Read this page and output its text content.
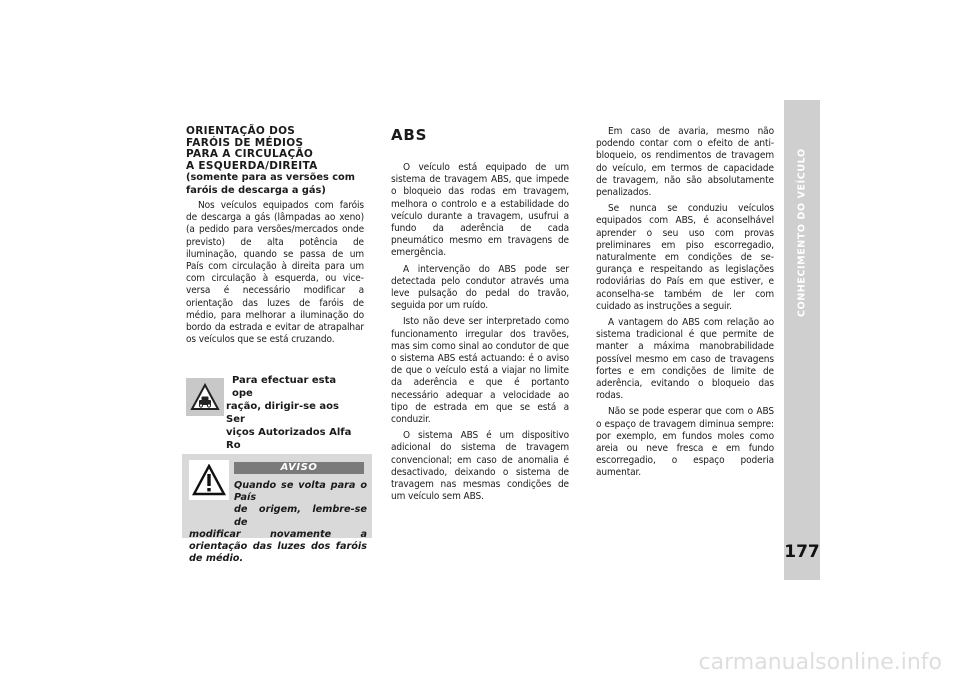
CONHECIMENTO DO VEÍCULO
177
ORIENTAÇÃO DOS
FARÓIS DE MÉDIOS
PARA A CIRCULAÇÃO
A ESQUERDA/DIREITA
(somente para as versões com
faróis de descarga a gás)

Nos veículos equipados com faróis de descarga a gás (lâmpadas ao xeno) (a pedido para versões/mercados onde previsto) de alta potência de iluminação, quando se passa de um País com circulação à direita para um com circulação à esquerda, ou viceversa é necessário modificar a orientação das luzes de faróis de médio, para melhorar a iluminação do bordo da estrada e evitar de atrapalhar os veículos que se está cruzando.

Para efectuar esta ope
ração, dirigir-se aos Ser
viços Autorizados Alfa Ro
AVISO
Quando se volta para o País
de origem, lembre-se de
modificar novamente a orientação das luzes dos faróis de médio.
ABS

O veículo está equipado de um sistema de travagem ABS, que impede o bloqueio das rodas em travagem, melhora o controlo e a estabilidade do veículo durante a travagem, usufrui a fundo da aderência de cada pneumático mesmo em travagens de emergência.

A intervenção do ABS pode ser detectada pelo condutor através uma leve pulsação do pedal do travão, seguida por um ruído.

Isto não deve ser interpretado como funcionamento irregular dos travões, mas sim como sinal ao condutor de que o sistema ABS está actuando: é o aviso de que o veículo está a viajar no limite da aderência e que é portanto necessário adequar a velocidade ao tipo de estrada em que se está a conduzir.

O sistema ABS é um dispositivo adicional do sistema de travagem convencional; em caso de anomalia é desactivado, deixando o sistema de travagem nas mesmas condições de um veículo sem ABS.

Em caso de avaria, mesmo não podendo contar com o efeito de anti-bloqueio, os rendimentos de travagem do veículo, em termos de capacidade de travagem, não são absolutamente penalizados.

Se nunca se conduziu veículos equipados com ABS, é aconselhável aprender o seu uso com provas preliminares em piso escorregadio, naturalmente em condições de segurança e respeitando as legislações rodoviárias do País em que estiver, e aconselha-se também de ler com cuidado as instruções a seguir.

A vantagem do ABS com relação ao sistema tradicional é que permite de manter a máxima manobrabilidade possível mesmo em caso de travagens fortes e em condições de limite de aderência, evitando o bloqueio das rodas.

Não se pode esperar que com o ABS o espaço de travagem diminua sempre: por exemplo, em fundos moles como areia ou neve fresca e em fundo escorregadio, o espaço poderia aumentar.

carmanualsonline.info
